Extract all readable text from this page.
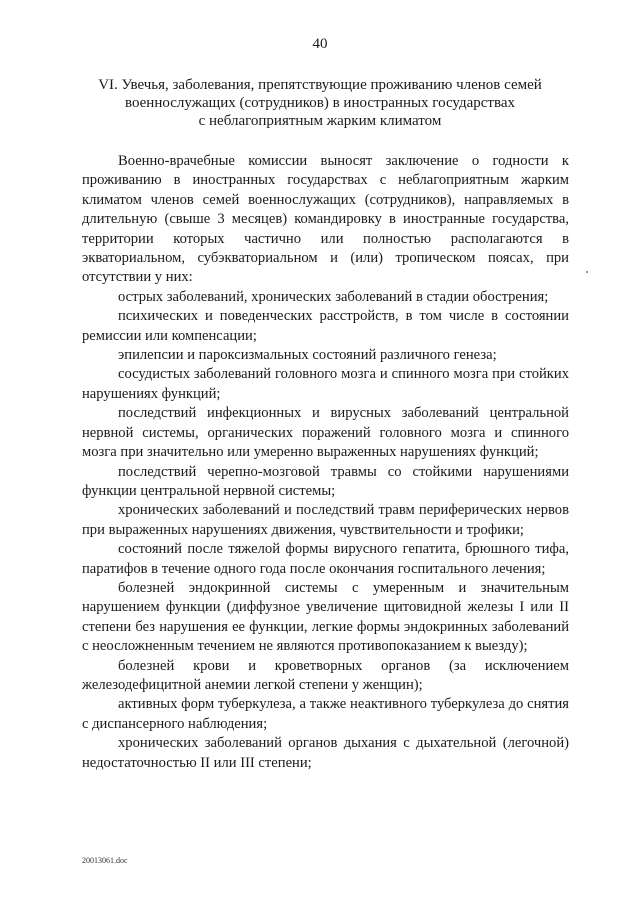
40
VI. Увечья, заболевания, препятствующие проживанию членов семей
военнослужащих (сотрудников) в иностранных государствах
с неблагоприятным жарким климатом

Военно-врачебные комиссии выносят заключение о годности к проживанию в иностранных государствах с неблагоприятным жарким климатом членов семей военнослужащих (сотрудников), направляемых в длительную (свыше 3 месяцев) командировку в иностранные государства, территории которых частично или полностью располагаются в экваториальном, субэкваториальном и (или) тропическом поясах, при отсутствии у них:

острых заболеваний, хронических заболеваний в стадии обострения;

психических и поведенческих расстройств, в том числе в состоянии ремиссии или компенсации;

эпилепсии и пароксизмальных состояний различного генеза;

сосудистых заболеваний головного мозга и спинного мозга при стойких нарушениях функций;

последствий инфекционных и вирусных заболеваний центральной нервной системы, органических поражений головного мозга и спинного мозга при значительно или умеренно выраженных нарушениях функций;

последствий черепно-мозговой травмы со стойкими нарушениями функции центральной нервной системы;

хронических заболеваний и последствий травм периферических нервов при выраженных нарушениях движения, чувствительности и трофики;

состояний после тяжелой формы вирусного гепатита, брюшного тифа, паратифов в течение одного года после окончания госпитального лечения;

болезней эндокринной системы с умеренным и значительным нарушением функции (диффузное увеличение щитовидной железы I или II степени без нарушения ее функции, легкие формы эндокринных заболеваний с неосложненным течением не являются противопоказанием к выезду);

болезней крови и кроветворных органов (за исключением железодефицитной анемии легкой степени у женщин);

активных форм туберкулеза, а также неактивного туберкулеза до снятия с диспансерного наблюдения;

хронических заболеваний органов дыхания с дыхательной (легочной) недостаточностью II или III степени;

20013061.doc
